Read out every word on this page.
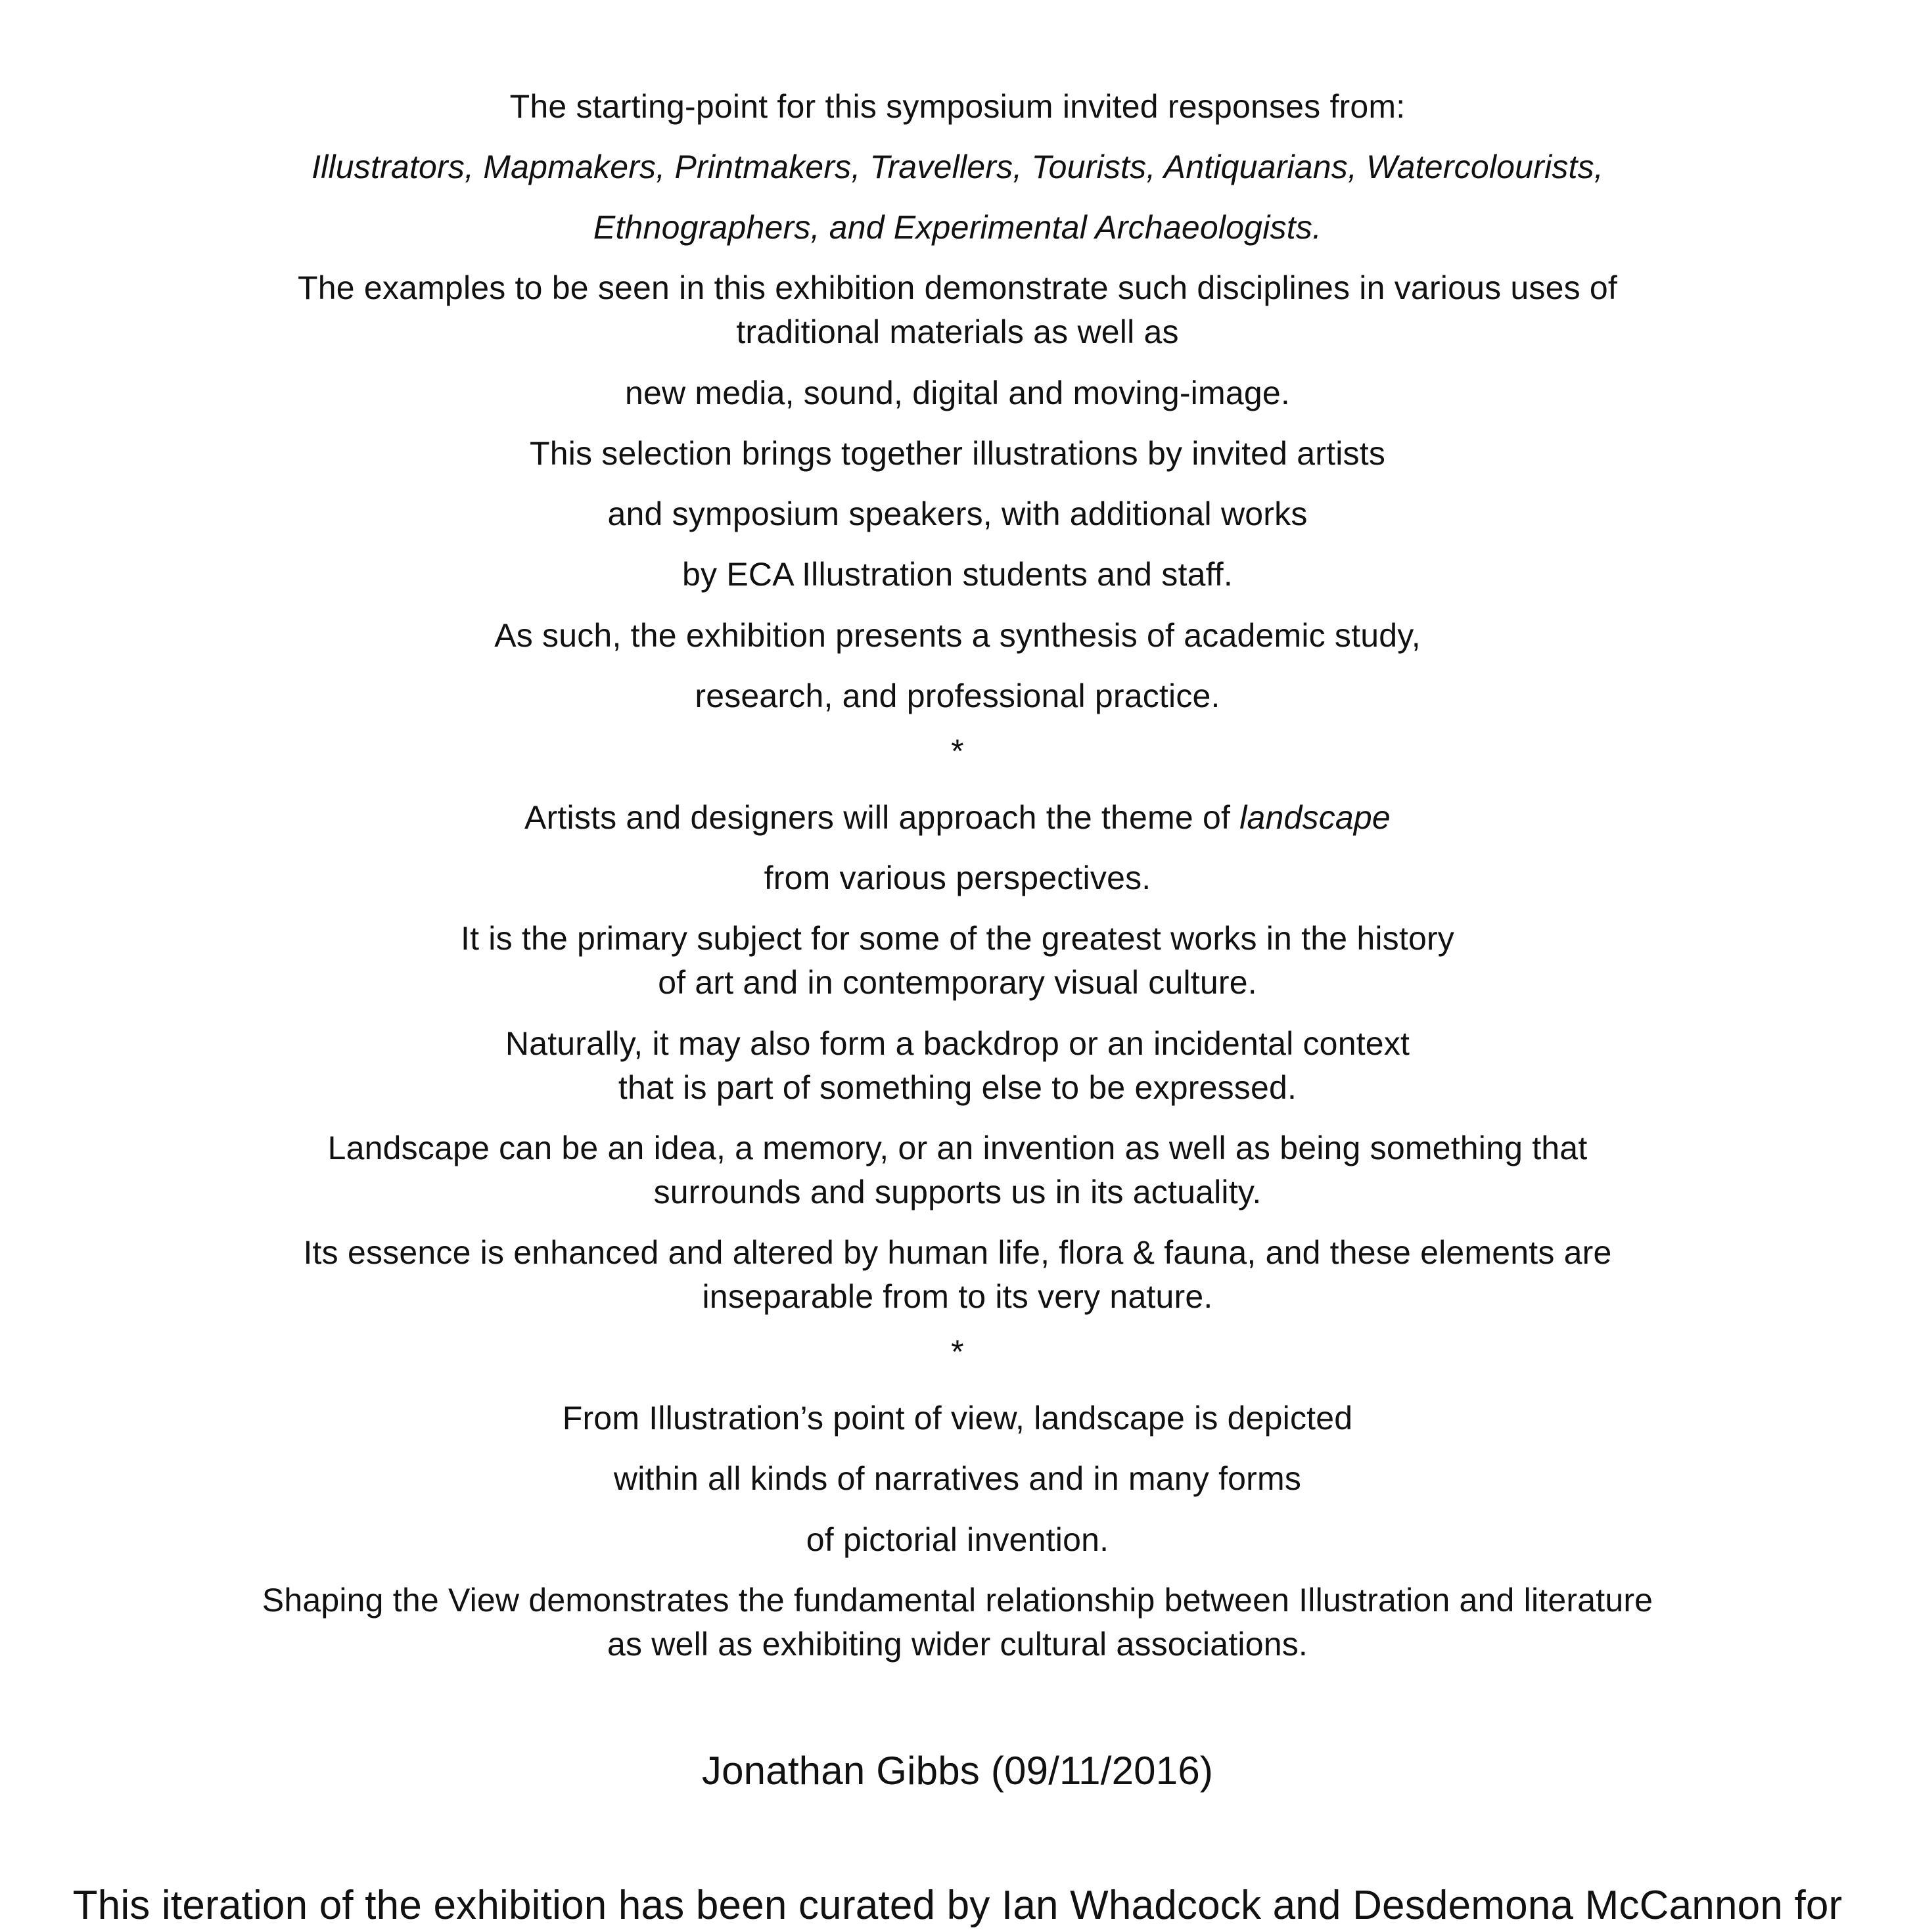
The starting-point for this symposium invited responses from:
Illustrators, Mapmakers, Printmakers, Travellers, Tourists, Antiquarians, Watercolourists,
Ethnographers, and Experimental Archaeologists.
The examples to be seen in this exhibition demonstrate such disciplines in various uses of
traditional materials as well as
new media, sound, digital and moving-image.
This selection brings together illustrations by invited artists
and symposium speakers, with additional works
by ECA Illustration students and staff.
As such, the exhibition presents a synthesis of academic study,
research, and professional practice.
*
Artists and designers will approach the theme of landscape
from various perspectives.
It is the primary subject for some of the greatest works in the history
of art and in contemporary visual culture.
Naturally, it may also form a backdrop or an incidental context
that is part of something else to be expressed.
Landscape can be an idea, a memory, or an invention as well as being something that
surrounds and supports us in its actuality.
Its essence is enhanced and altered by human life, flora & fauna, and these elements are
inseparable from to its very nature.
*
From Illustration’s point of view, landscape is depicted
within all kinds of narratives and in many forms
of pictorial invention.
Shaping the View demonstrates the fundamental relationship between Illustration and literature
as well as exhibiting wider cultural associations.
Jonathan Gibbs (09/11/2016)
This iteration of the exhibition has been curated by Ian Whadcock and Desdemona McCannon for
